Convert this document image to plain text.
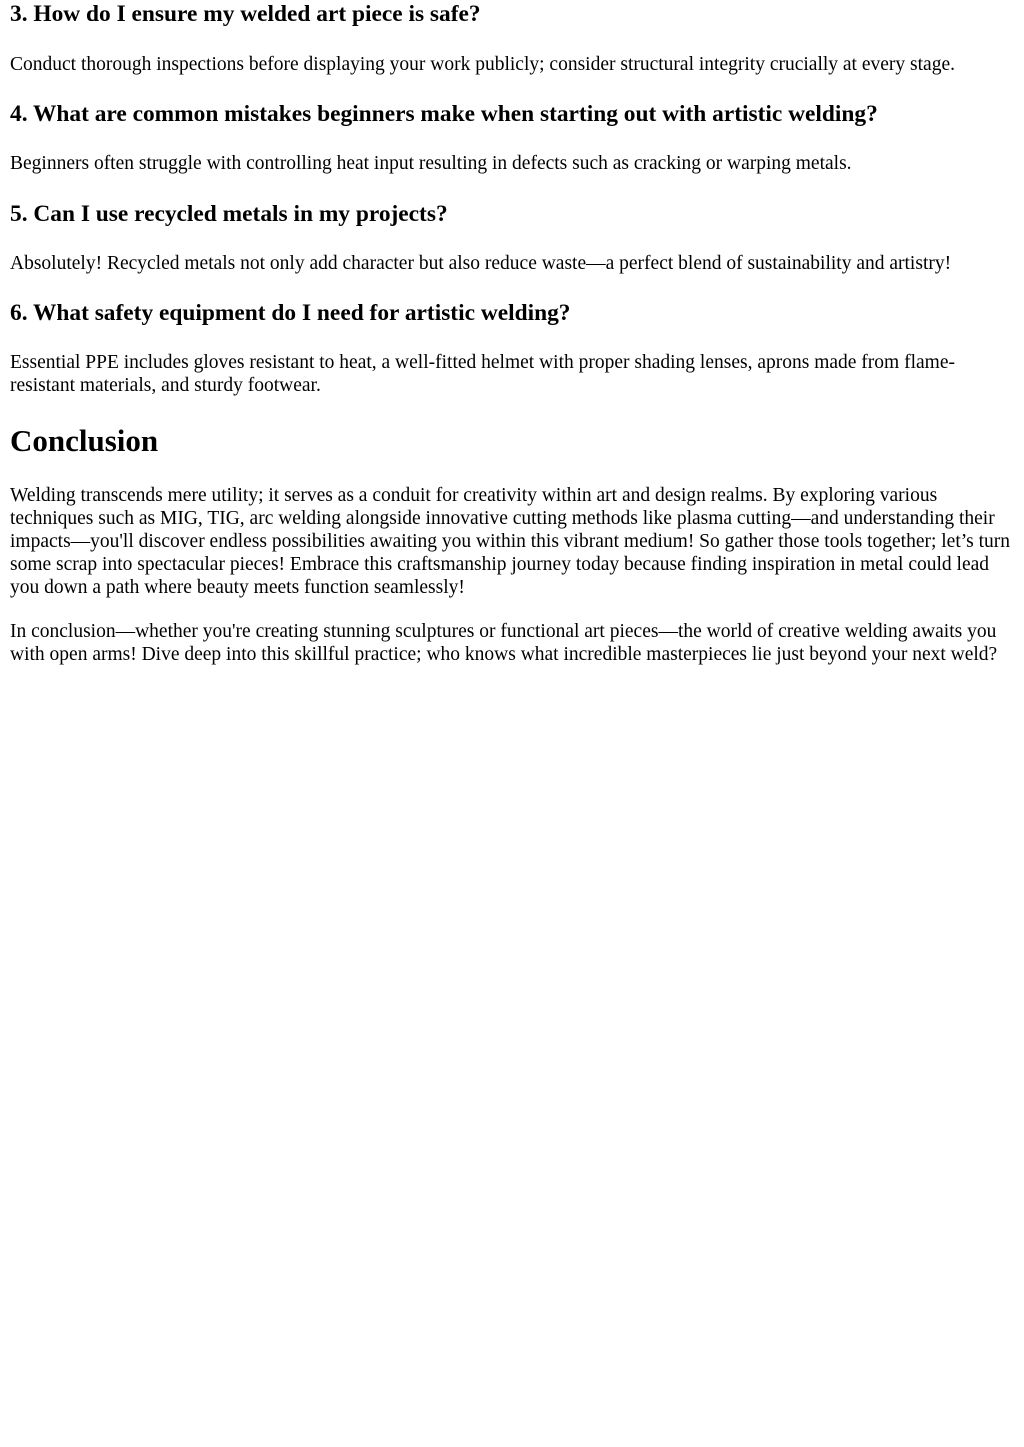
3. How do I ensure my welded art piece is safe?

Conduct thorough inspections before displaying your work publicly; consider structural integrity crucially at every stage.

4. What are common mistakes beginners make when starting out with artistic welding?

Beginners often struggle with controlling heat input resulting in defects such as cracking or warping metals.

5. Can I use recycled metals in my projects?

Absolutely! Recycled metals not only add character but also reduce waste—a perfect blend of sustainability and artistry!

6. What safety equipment do I need for artistic welding?

Essential PPE includes gloves resistant to heat, a well-fitted helmet with proper shading lenses, aprons made from flame-resistant materials, and sturdy footwear.

Conclusion

Welding transcends mere utility; it serves as a conduit for creativity within art and design realms. By exploring various techniques such as MIG, TIG, arc welding alongside innovative cutting methods like plasma cutting—and understanding their impacts—you'll discover endless possibilities awaiting you within this vibrant medium! So gather those tools together; let’s turn some scrap into spectacular pieces! Embrace this craftsmanship journey today because finding inspiration in metal could lead you down a path where beauty meets function seamlessly!

In conclusion—whether you're creating stunning sculptures or functional art pieces—the world of creative welding awaits you with open arms! Dive deep into this skillful practice; who knows what incredible masterpieces lie just beyond your next weld?
